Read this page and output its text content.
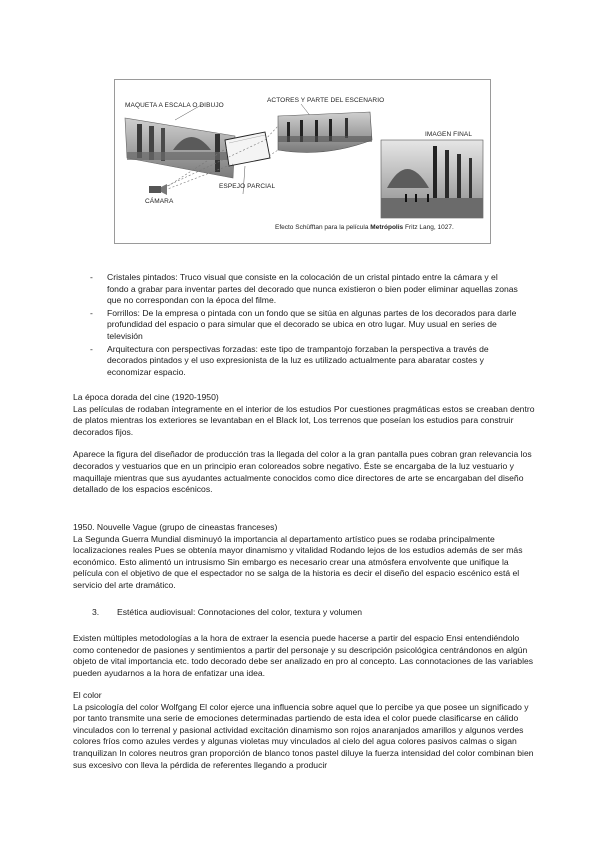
MAQUETA A ESCALA O DIBUJO
ACTORES Y PARTE DEL ESCENARIO
IMAGEN FINAL
ESPEJO PARCIAL
CÁMARA
Efecto Schüfftan para la película Metrópolis Fritz Lang, 1027.
- Cristales pintados: Truco visual que consiste en la colocación de un cristal pintado entre la cámara y el fondo a grabar para inventar partes del decorado que nunca existieron o bien poder eliminar aquellas zonas que no correspondan con la época del filme.
- Forrillos: De la empresa o pintada con un fondo que se sitúa en algunas partes de los decorados para darle profundidad del espacio o para simular que el decorado se ubica en otro lugar. Muy usual en series de televisión
- Arquitectura con perspectivas forzadas: este tipo de trampantojo forzaban la perspectiva a través de decorados pintados y el uso expresionista de la luz es utilizado actualmente para abaratar costes y economizar espacio.

La época dorada del cine (1920-1950)

Las películas de rodaban íntegramente en el interior de los estudios Por cuestiones pragmáticas estos se creaban dentro de platos mientras los exteriores se levantaban en el Black lot, Los terrenos que poseían los estudios para construir decorados fijos.

Aparece la figura del diseñador de producción tras la llegada del color a la gran pantalla pues cobran gran relevancia los decorados y vestuarios que en un principio eran coloreados sobre negativo. Éste se encargaba de la luz vestuario y maquillaje mientras que sus ayudantes actualmente conocidos como dice directores de arte se encargaban del diseño detallado de los espacios escénicos.

1950. Nouvelle Vague (grupo de cineastas franceses)

La Segunda Guerra Mundial disminuyó la importancia al departamento artístico pues se rodaba principalmente localizaciones reales Pues se obtenía mayor dinamismo y vitalidad Rodando lejos de los estudios además de ser más económico. Esto alimentó un intrusismo Sin embargo es necesario crear una atmósfera envolvente que unifique la película con el objetivo de que el espectador no se salga de la historia es decir el diseño del espacio escénico está el servicio del arte dramático.

3. Estética audiovisual: Connotaciones del color, textura y volumen

Existen múltiples metodologías a la hora de extraer la esencia puede hacerse a partir del espacio Ensi entendiéndolo como contenedor de pasiones y sentimientos a partir del personaje y su descripción psicológica centrándonos en algún objeto de vital importancia etc. todo decorado debe ser analizado en pro al concepto. Las connotaciones de las variables pueden ayudarnos a la hora de enfatizar una idea.

El color

La psicología del color Wolfgang El color ejerce una influencia sobre aquel que lo percibe ya que posee un significado y por tanto transmite una serie de emociones determinadas partiendo de esta idea el color puede clasificarse en cálido vinculados con lo terrenal y pasional actividad excitación dinamismo son rojos anaranjados amarillos y algunos verdes colores fríos como azules verdes y algunas violetas muy vinculados al cielo del agua colores pasivos calmas o sigan tranquilizan In colores neutros gran proporción de blanco tonos pastel diluye la fuerza intensidad del color combinan bien sus excesivo con lleva la pérdida de referentes llegando a producir
